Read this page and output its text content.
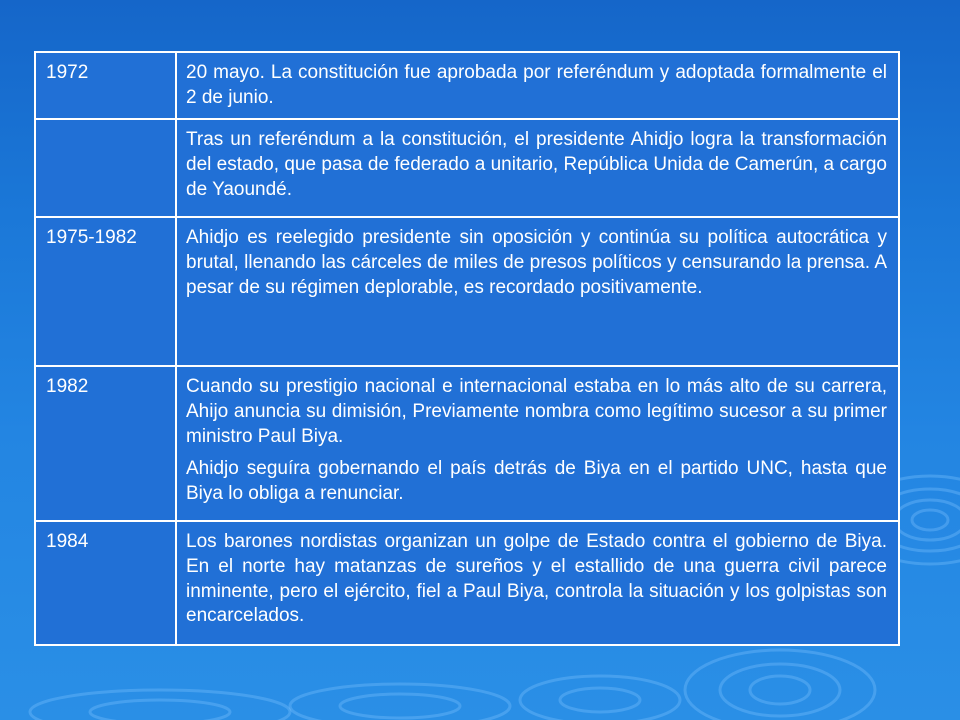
1972	20 mayo. La constitución fue aprobada por referéndum y adoptada formalmente el 2 de junio.

	Tras un referéndum a la constitución, el presidente Ahidjo logra la transformación del estado, que pasa de federado a unitario, República Unida de Camerún, a cargo de Yaoundé.

1975-1982	Ahidjo es reelegido presidente sin oposición y continúa su política autocrática y brutal, llenando las cárceles de miles de presos políticos y censurando la prensa. A pesar de su régimen deplorable, es recordado positivamente.

1982	Cuando su prestigio nacional e internacional estaba en lo más alto de su carrera, Ahijo anuncia su dimisión, Previamente nombra como legítimo sucesor a su primer ministro Paul Biya.

Ahidjo seguíra gobernando el país detrás de Biya en el partido UNC, hasta que Biya lo obliga a renunciar.

1984	Los barones nordistas organizan un golpe de Estado contra el gobierno de Biya. En el norte hay matanzas de sureños y el estallido de una guerra civil parece inminente, pero el ejército, fiel a Paul Biya, controla la situación y los golpistas son encarcelados.
